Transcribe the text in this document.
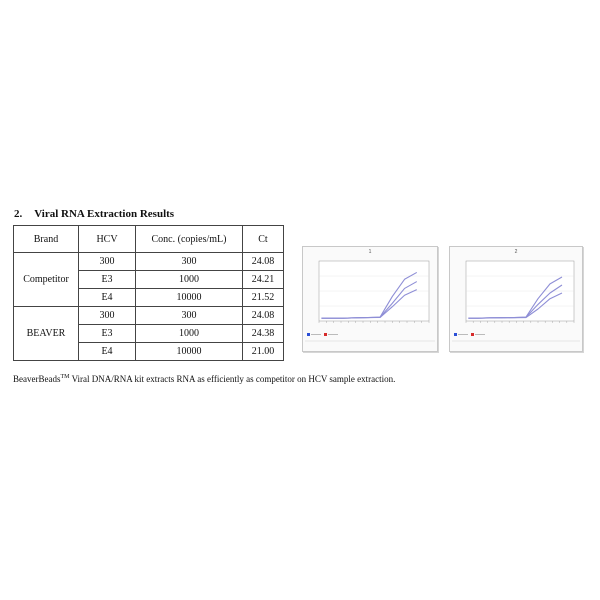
2. Viral RNA Extraction Results
Brand	HCV	Conc. (copies/mL)	Ct
Competitor	300	300	24.08
	E3	1000	24.21
	E4	10000	21.52
BEAVER	300	300	24.08
	E3	1000	24.38
	E4	10000	21.00
1	2
BeaverBeads™ Viral DNA/RNA kit extracts RNA as efficiently as competitor on HCV sample extraction.
